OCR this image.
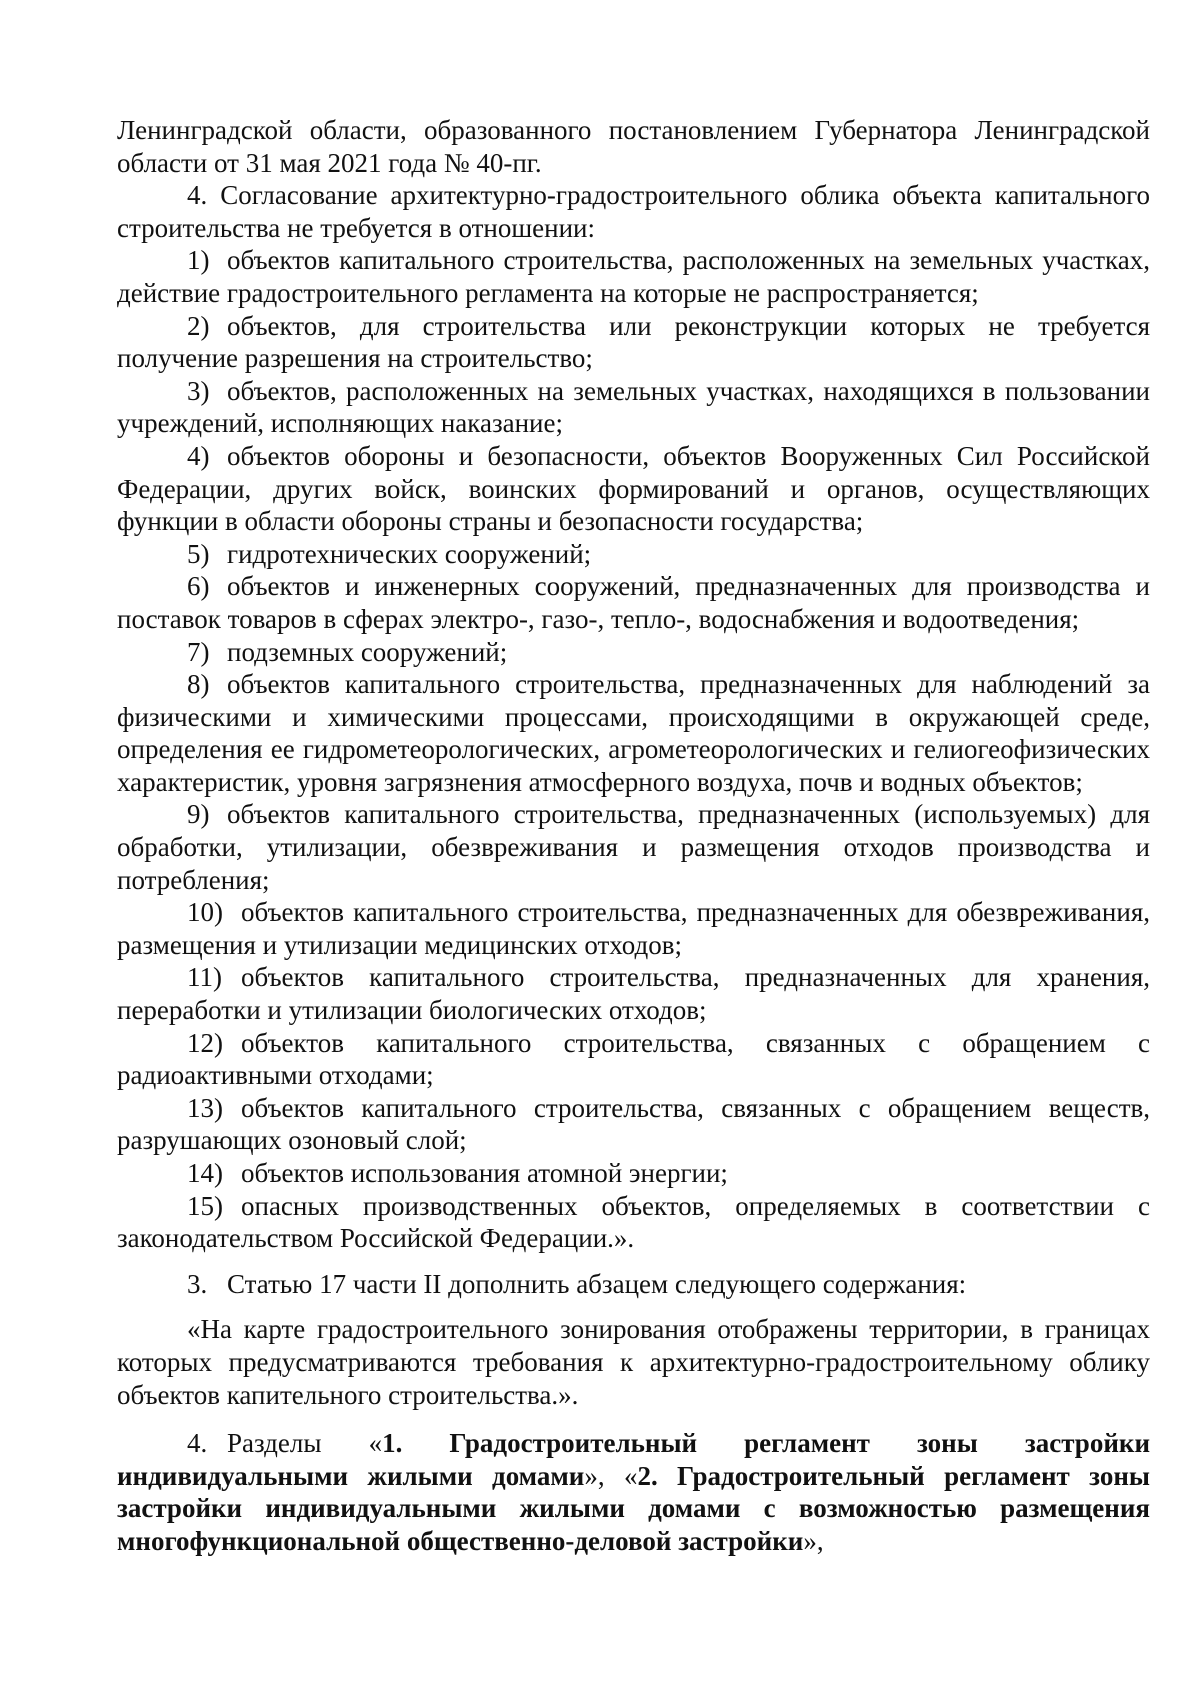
Ленинградской области, образованного постановлением Губернатора Ленинградской области от 31 мая 2021 года № 40-пг.

4. Согласование архитектурно-градостроительного облика объекта капитального строительства не требуется в отношении:

1) объектов капитального строительства, расположенных на земельных участках, действие градостроительного регламента на которые не распространяется;

2) объектов, для строительства или реконструкции которых не требуется получение разрешения на строительство;

3) объектов, расположенных на земельных участках, находящихся в пользовании учреждений, исполняющих наказание;

4) объектов обороны и безопасности, объектов Вооруженных Сил Российской Федерации, других войск, воинских формирований и органов, осуществляющих функции в области обороны страны и безопасности государства;

5) гидротехнических сооружений;

6) объектов и инженерных сооружений, предназначенных для производства и поставок товаров в сферах электро-, газо-, тепло-, водоснабжения и водоотведения;

7) подземных сооружений;

8) объектов капитального строительства, предназначенных для наблюдений за физическими и химическими процессами, происходящими в окружающей среде, определения ее гидрометеорологических, агрометеорологических и гелиогеофизических характеристик, уровня загрязнения атмосферного воздуха, почв и водных объектов;

9) объектов капитального строительства, предназначенных (используемых) для обработки, утилизации, обезвреживания и размещения отходов производства и потребления;

10) объектов капитального строительства, предназначенных для обезвреживания, размещения и утилизации медицинских отходов;

11) объектов капитального строительства, предназначенных для хранения, переработки и утилизации биологических отходов;

12) объектов капитального строительства, связанных с обращением с радиоактивными отходами;

13) объектов капитального строительства, связанных с обращением веществ, разрушающих озоновый слой;

14) объектов использования атомной энергии;

15) опасных производственных объектов, определяемых в соответствии с законодательством Российской Федерации.».

3. Статью 17 части II дополнить абзацем следующего содержания:

«На карте градостроительного зонирования отображены территории, в границах которых предусматриваются требования к архитектурно-градостроительному облику объектов капительного строительства.».

4. Разделы «1. Градостроительный регламент зоны застройки индивидуальными жилыми домами», «2. Градостроительный регламент зоны застройки индивидуальными жилыми домами с возможностью размещения многофункциональной общественно-деловой застройки»,
